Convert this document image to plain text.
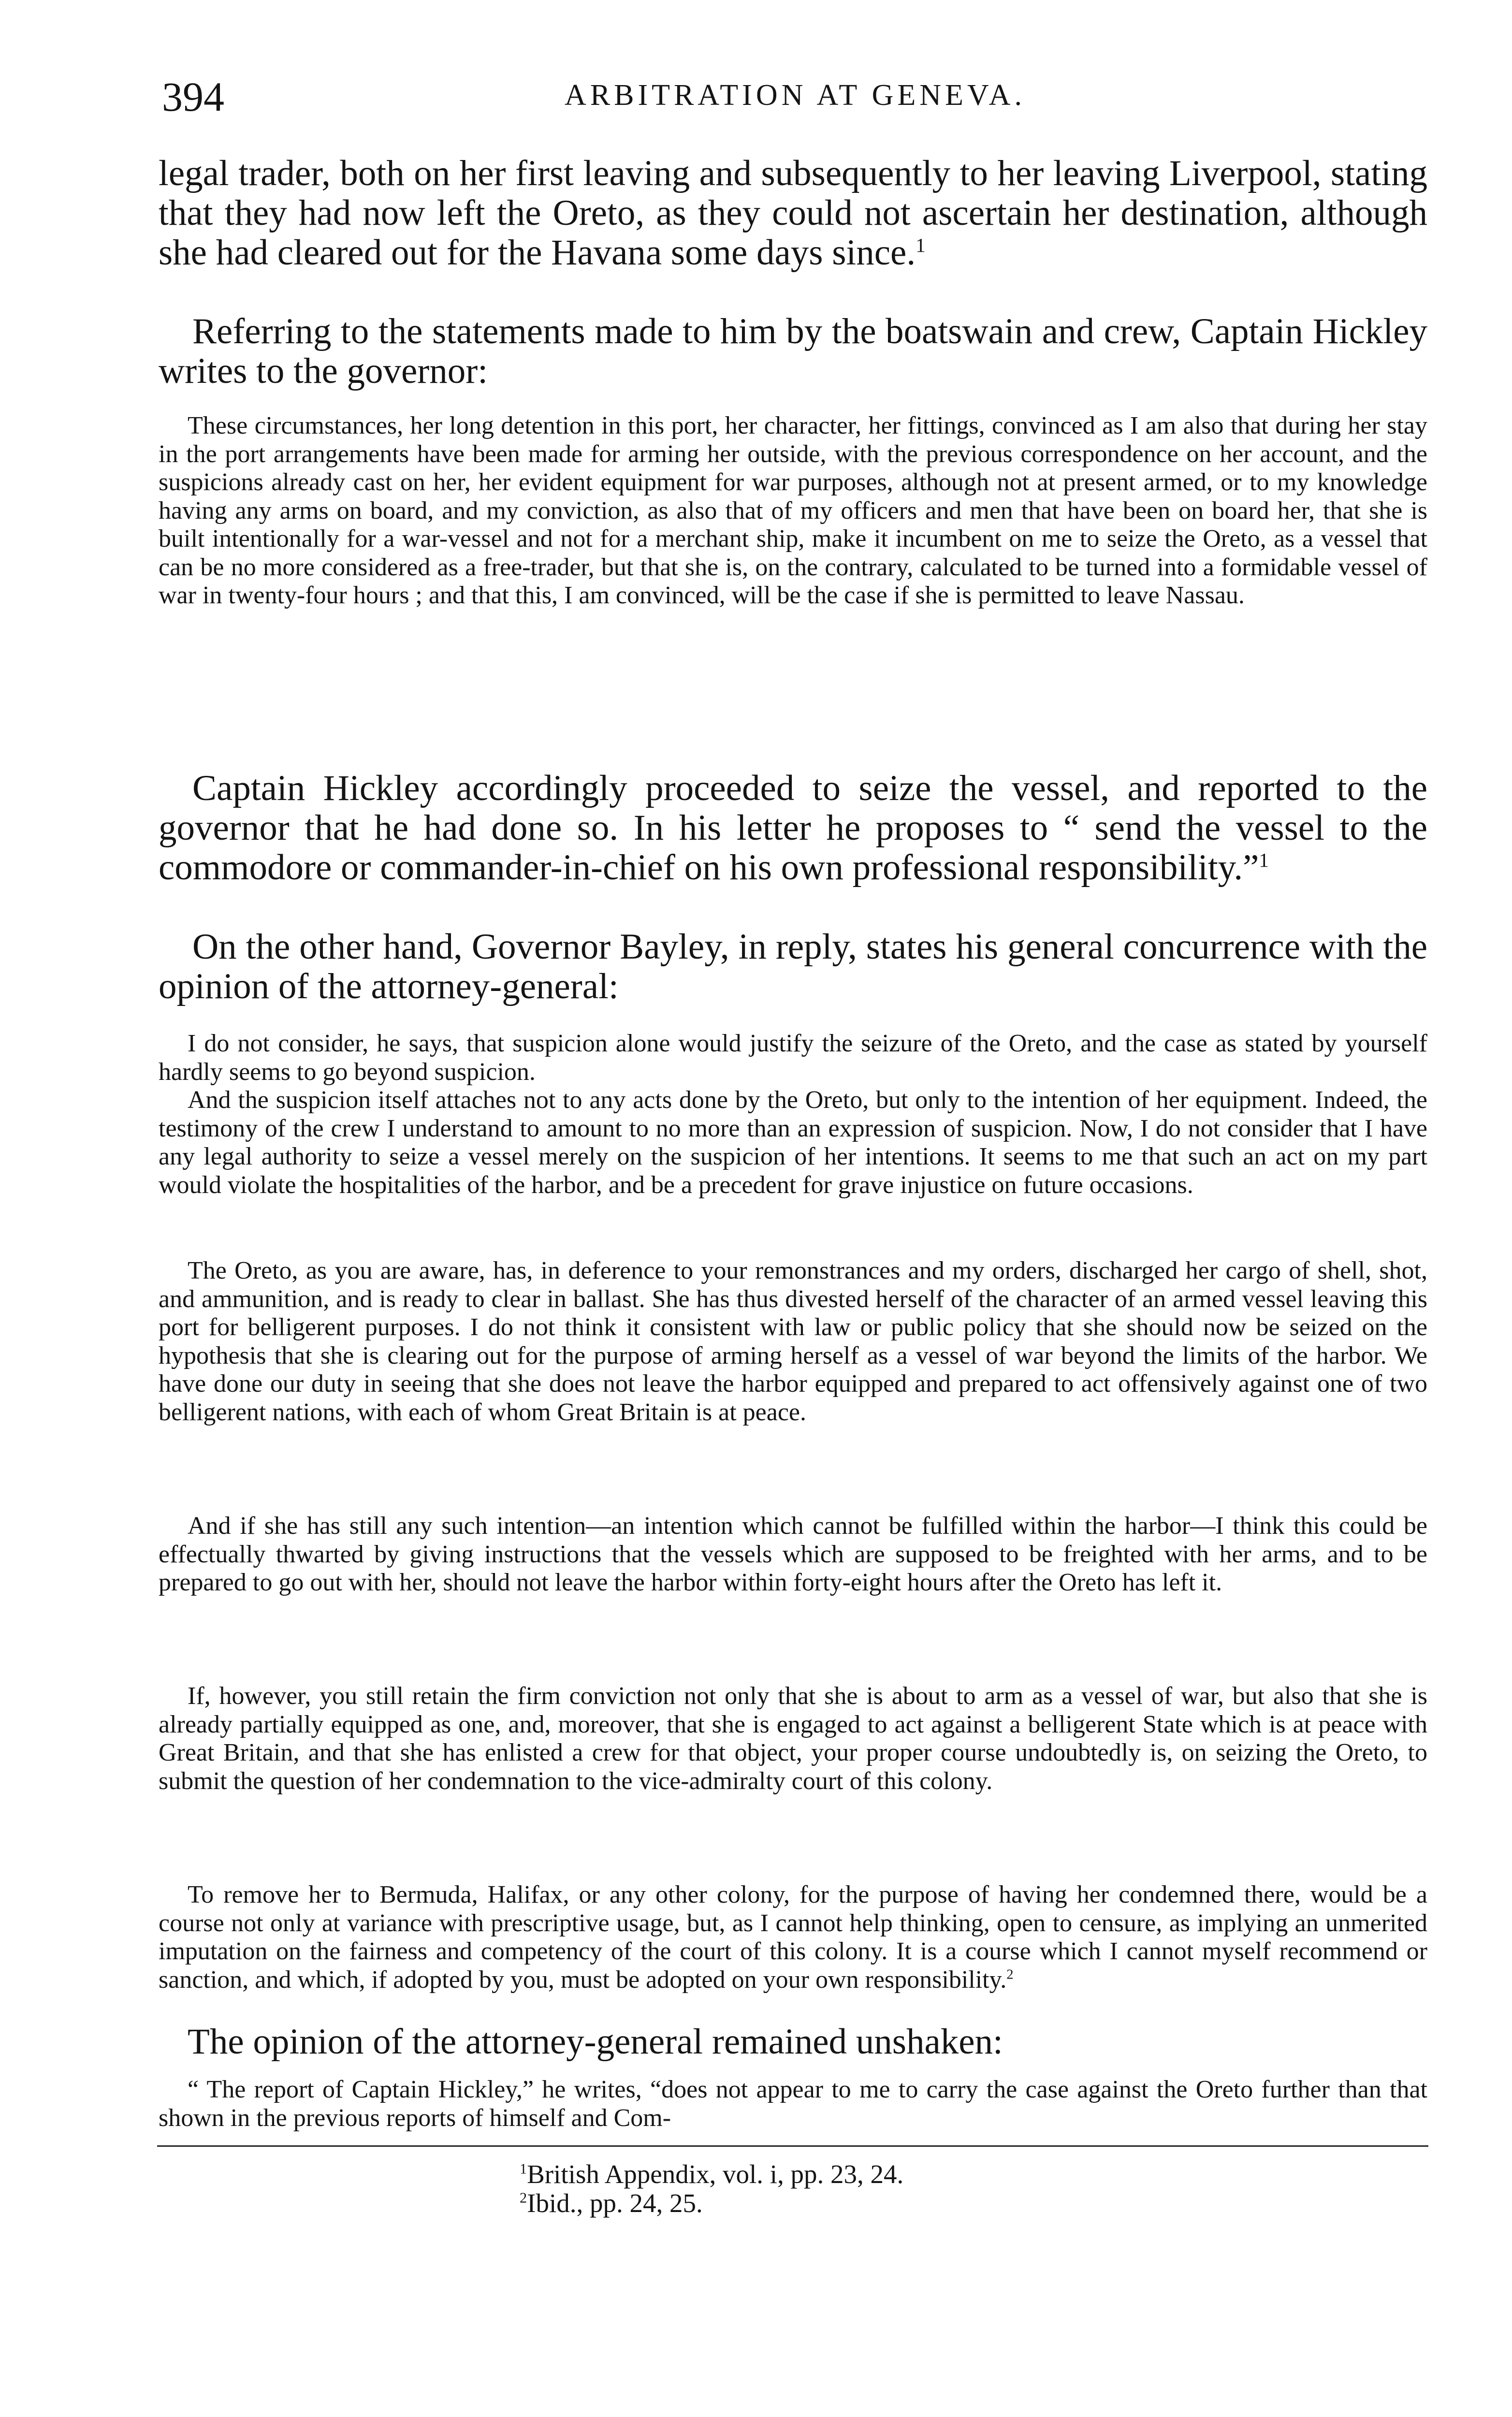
394	ARBITRATION AT GENEVA.

legal trader, both on her first leaving and subsequently to her leaving Liverpool, stating that they had now left the Oreto, as they could not ascertain her destination, although she had cleared out for the Havana some days since.$^1$

Referring to the statements made to him by the boatswain and crew, Captain Hickley writes to the governor:

These circumstances, her long detention in this port, her character, her fittings, convinced as I am also that during her stay in the port arrangements have been made for arming her outside, with the previous correspondence on her account, and the suspicions already cast on her, her evident equipment for war purposes, although not at present armed, or to my knowledge having any arms on board, and my conviction, as also that of my officers and men that have been on board her, that she is built intentionally for a war-vessel and not for a merchant ship, make it incumbent on me to seize the Oreto, as a vessel that can be no more considered as a free-trader, but that she is, on the contrary, calculated to be turned into a formidable vessel of war in twenty-four hours ; and that this, I am convinced, will be the case if she is permitted to leave Nassau.

Captain Hickley accordingly proceeded to seize the vessel, and reported to the governor that he had done so. In his letter he proposes to “ send the vessel to the commodore or commander-in-chief on his own professional responsibility.”$^1$

On the other hand, Governor Bayley, in reply, states his general concurrence with the opinion of the attorney-general:

I do not consider, he says, that suspicion alone would justify the seizure of the Oreto, and the case as stated by yourself hardly seems to go beyond suspicion.

And the suspicion itself attaches not to any acts done by the Oreto, but only to the intention of her equipment. Indeed, the testimony of the crew I understand to amount to no more than an expression of suspicion. Now, I do not consider that I have any legal authority to seize a vessel merely on the suspicion of her intentions. It seems to me that such an act on my part would violate the hospitalities of the harbor, and be a precedent for grave injustice on future occasions.

The Oreto, as you are aware, has, in deference to your remonstrances and my orders, discharged her cargo of shell, shot, and ammunition, and is ready to clear in ballast. She has thus divested herself of the character of an armed vessel leaving this port for belligerent purposes. I do not think it consistent with law or public policy that she should now be seized on the hypothesis that she is clearing out for the purpose of arming herself as a vessel of war beyond the limits of the harbor. We have done our duty in seeing that she does not leave the harbor equipped and prepared to act offensively against one of two belligerent nations, with each of whom Great Britain is at peace.

And if she has still any such intention—an intention which cannot be fulfilled within the harbor—I think this could be effectually thwarted by giving instructions that the vessels which are supposed to be freighted with her arms, and to be prepared to go out with her, should not leave the harbor within forty-eight hours after the Oreto has left it.

If, however, you still retain the firm conviction not only that she is about to arm as a vessel of war, but also that she is already partially equipped as one, and, moreover, that she is engaged to act against a belligerent State which is at peace with Great Britain, and that she has enlisted a crew for that object, your proper course undoubtedly is, on seizing the Oreto, to submit the question of her condemnation to the vice-admiralty court of this colony.

To remove her to Bermuda, Halifax, or any other colony, for the purpose of having her condemned there, would be a course not only at variance with prescriptive usage, but, as I cannot help thinking, open to censure, as implying an unmerited imputation on the fairness and competency of the court of this colony. It is a course which I cannot myself recommend or sanction, and which, if adopted by you, must be adopted on your own responsibility.$^2$

The opinion of the attorney-general remained unshaken:

“ The report of Captain Hickley,” he writes, “does not appear to me to carry the case against the Oreto further than that shown in the previous reports of himself and Com-

$^1$British Appendix, vol. i, pp. 23, 24.
$^2$Ibid., pp. 24, 25.
